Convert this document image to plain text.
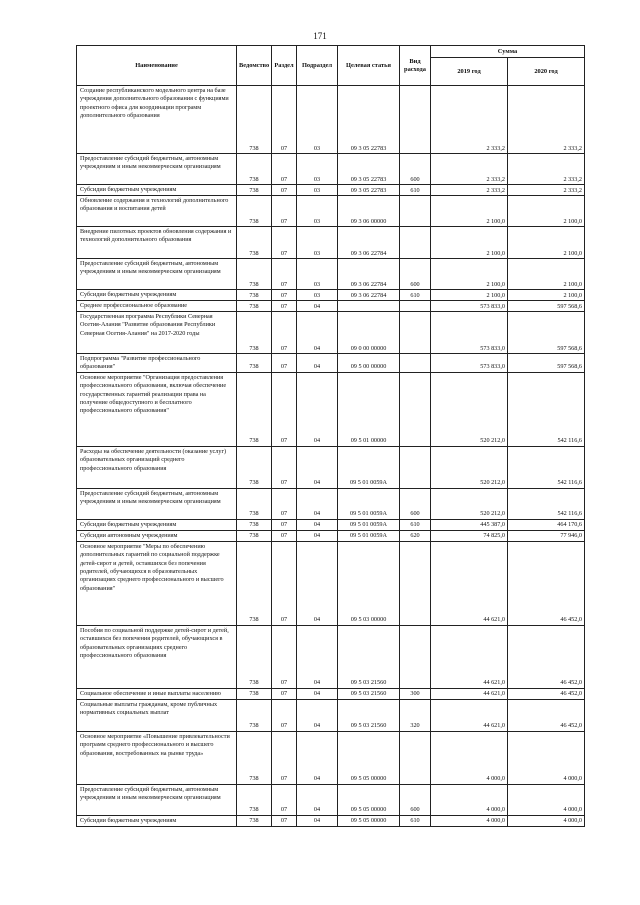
171
Наименование	Ведомство	Раздел	Подраздел	Целевая статья	Вид расхода	Сумма	
						2019 год	2020 год
Создание республиканского модельного центра на базе учреждения дополнительного образования с функциями проектного офиса для координации программ дополнительного образования	738	07	03	09 3 05 22783		2 333,2	2 333,2
Предоставление субсидий бюджетным, автономным учреждениям и иным некоммерческим организациям	738	07	03	09 3 05 22783	600	2 333,2	2 333,2
Субсидии бюджетным учреждениям	738	07	03	09 3 05 22783	610	2 333,2	2 333,2
Обновление содержания и технологий дополнительного образования и воспитания детей	738	07	03	09 3 06 00000		2 100,0	2 100,0
Внедрение пилотных проектов обновления содержания и технологий дополнительного образования	738	07	03	09 3 06 22784		2 100,0	2 100,0
Предоставление субсидий бюджетным, автономным учреждениям и иным некоммерческим организациям	738	07	03	09 3 06 22784	600	2 100,0	2 100,0
Субсидии бюджетным учреждениям	738	07	03	09 3 06 22784	610	2 100,0	2 100,0
Среднее профессиональное образование	738	07	04			573 833,0	597 568,6
Государственная программа Республики Северная Осетия-Алания "Развитие образования Республики Северная Осетия-Алания" на 2017-2020 годы	738	07	04	09 0 00 00000		573 833,0	597 568,6
Подпрограмма "Развитие профессионального образования"	738	07	04	09 5 00 00000		573 833,0	597 568,6
Основное мероприятие "Организация предоставления профессионального образования, включая обеспечение государственных гарантий реализации права на получение общедоступного и бесплатного профессионального образования"	738	07	04	09 5 01 00000		520 212,0	542 116,6
Расходы на обеспечение деятельности (оказание услуг) образовательных организаций среднего профессионального образования	738	07	04	09 5 01 0059А		520 212,0	542 116,6
Предоставление субсидий бюджетным, автономным учреждениям и иным некоммерческим организациям	738	07	04	09 5 01 0059А	600	520 212,0	542 116,6
Субсидии бюджетным учреждениям	738	07	04	09 5 01 0059А	610	445 387,0	464 170,6
Субсидии автономным учреждениям	738	07	04	09 5 01 0059А	620	74 825,0	77 946,0
Основное мероприятие "Меры по обеспечению дополнительных гарантий по социальной поддержке детей-сирот и детей, оставшихся без попечения родителей, обучающихся в образовательных организациях среднего профессионального и высшего образования"	738	07	04	09 5 03 00000		44 621,0	46 452,0
Пособия по социальной поддержке детей-сирот и детей, оставшихся без попечения родителей, обучающихся в образовательных организациях среднего профессионального образования	738	07	04	09 5 03 21560		44 621,0	46 452,0
Социальное обеспечение и иные выплаты населению	738	07	04	09 5 03 21560	300	44 621,0	46 452,0
Социальные выплаты гражданам, кроме публичных нормативных социальных выплат	738	07	04	09 5 03 21560	320	44 621,0	46 452,0
Основное мероприятие «Повышение привлекательности программ среднего профессионального и высшего образования, востребованных на рынке труда»	738	07	04	09 5 05 00000		4 000,0	4 000,0
Предоставление субсидий бюджетным, автономным учреждениям и иным некоммерческим организациям	738	07	04	09 5 05 00000	600	4 000,0	4 000,0
Субсидии бюджетным учреждениям	738	07	04	09 5 05 00000	610	4 000,0	4 000,0
